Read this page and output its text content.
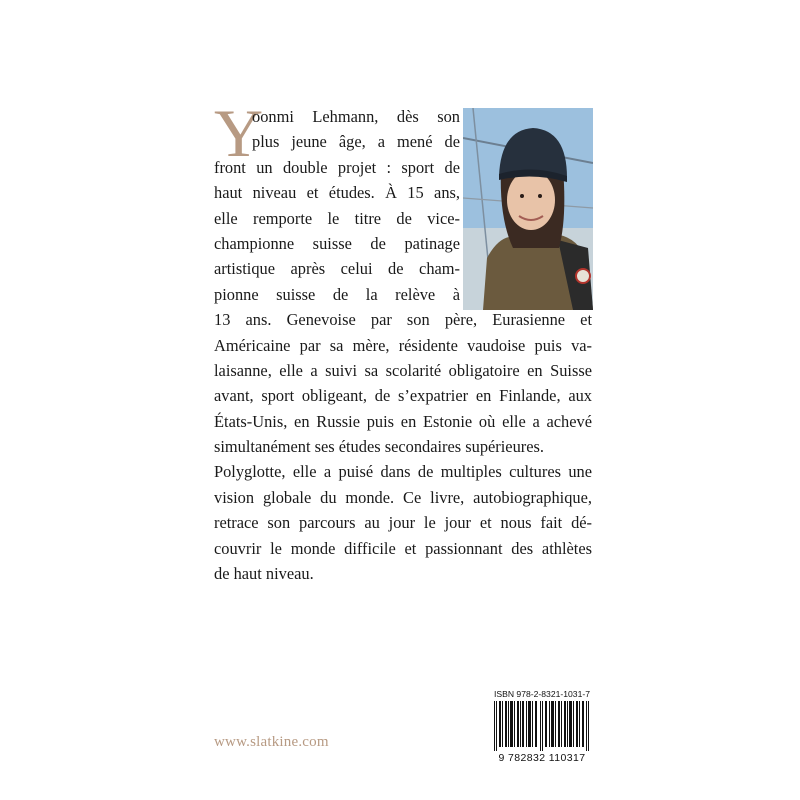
Y
oonmi Lehmann, dès son
plus jeune âge, a mené de
front un double projet : sport de
haut niveau et études. À 15 ans,
elle remporte le titre de vice-
championne suisse de patinage
artistique après celui de cham-
pionne suisse de la relève à
13 ans. Genevoise par son père, Eurasienne et
Américaine par sa mère, résidente vaudoise puis va-
laisanne, elle a suivi sa scolarité obligatoire en Suisse
avant, sport obligeant, de s’expatrier en Finlande, aux
États-Unis, en Russie puis en Estonie où elle a achevé
simultanément ses études secondaires supérieures.
Polyglotte, elle a puisé dans de multiples cultures une
vision globale du monde. Ce livre, autobiographique,
retrace son parcours au jour le jour et nous fait dé-
couvrir le monde difficile et passionnant des athlètes
de haut niveau.
www.slatkine.com
ISBN 978-2-8321-1031-7
9 782832 110317
